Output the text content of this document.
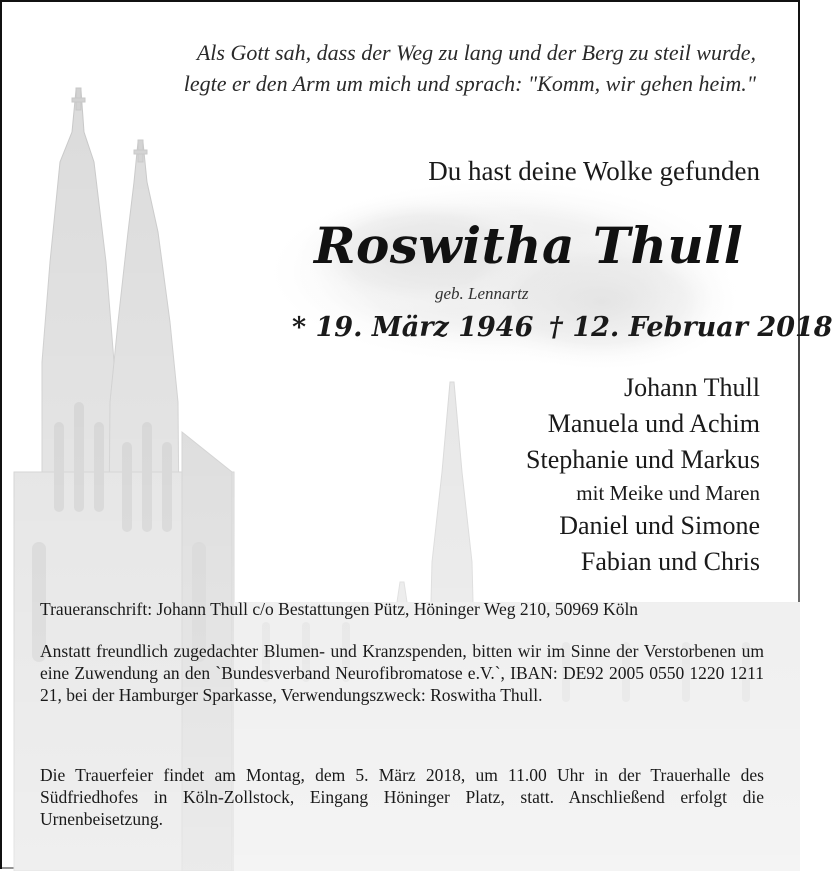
Als Gott sah, dass der Weg zu lang und der Berg zu steil wurde,
legte er den Arm um mich und sprach: "Komm, wir gehen heim."
Du hast deine Wolke gefunden
Roswitha Thull
geb. Lennartz
* 19. März 1946 † 12. Februar 2018
Johann Thull
Manuela und Achim
Stephanie und Markus
mit Meike und Maren
Daniel und Simone
Fabian und Chris
Traueranschrift: Johann Thull c/o Bestattungen Pütz, Höninger Weg 210, 50969 Köln
Anstatt freundlich zugedachter Blumen- und Kranzspenden, bitten wir im Sinne der Verstorbenen um eine Zuwendung an den `Bundesverband Neurofibromatose e.V.`, IBAN: DE92 2005 0550 1220 1211 21, bei der Hamburger Sparkasse, Verwendungszweck: Roswitha Thull.
Die Trauerfeier findet am Montag, dem 5. März 2018, um 11.00 Uhr in der Trauerhalle des Südfriedhofes in Köln-Zollstock, Eingang Höninger Platz, statt. Anschließend erfolgt die Urnenbeisetzung.
